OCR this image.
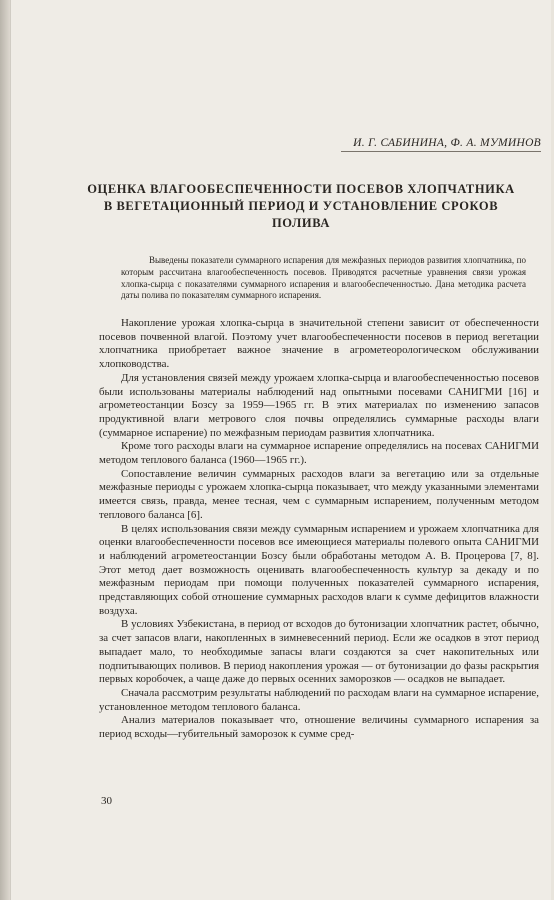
И. Г. САБИНИНА, Ф. А. МУМИНОВ
ОЦЕНКА ВЛАГООБЕСПЕЧЕННОСТИ ПОСЕВОВ ХЛОПЧАТНИКА
В ВЕГЕТАЦИОННЫЙ ПЕРИОД И УСТАНОВЛЕНИЕ СРОКОВ
ПОЛИВА

Выведены показатели суммарного испарения для межфазных периодов развития хлопчатника, по которым рассчитана влагообеспеченность посевов. Приводятся расчетные уравнения связи урожая хлопка-сырца с показателями суммарного испарения и влагообеспеченностью. Дана методика расчета даты полива по показателям суммарного испарения.

Накопление урожая хлопка-сырца в значительной степени зависит от обеспеченности посевов почвенной влагой. Поэтому учет влагообеспеченности посевов в период вегетации хлопчатника приобретает важное значение в агрометеорологическом обслуживании хлопководства.

Для установления связей между урожаем хлопка-сырца и влагообеспеченностью посевов были использованы материалы наблюдений над опытными посевами САНИГМИ [16] и агрометеостанции Бозсу за 1959—1965 гг. В этих материалах по изменению запасов продуктивной влаги метрового слоя почвы определялись суммарные расходы влаги (суммарное испарение) по межфазным периодам развития хлопчатника.

Кроме того расходы влаги на суммарное испарение определялись на посевах САНИГМИ методом теплового баланса (1960—1965 гг.).

Сопоставление величин суммарных расходов влаги за вегетацию или за отдельные межфазные периоды с урожаем хлопка-сырца показывает, что между указанными элементами имеется связь, правда, менее тесная, чем с суммарным испарением, полученным методом теплового баланса [6].

В целях использования связи между суммарным испарением и урожаем хлопчатника для оценки влагообеспеченности посевов все имеющиеся материалы полевого опыта САНИГМИ и наблюдений агрометеостанции Бозсу были обработаны методом А. В. Процерова [7, 8]. Этот метод дает возможность оценивать влагообеспеченность культур за декаду и по межфазным периодам при помощи полученных показателей суммарного испарения, представляющих собой отношение суммарных расходов влаги к сумме дефицитов влажности воздуха.

В условиях Узбекистана, в период от всходов до бутонизации хлопчатник растет, обычно, за счет запасов влаги, накопленных в зимневесенний период. Если же осадков в этот период выпадает мало, то необходимые запасы влаги создаются за счет накопительных или подпитывающих поливов. В период накопления урожая — от бутонизации до фазы раскрытия первых коробочек, а чаще даже до первых осенних заморозков — осадков не выпадает.

Сначала рассмотрим результаты наблюдений по расходам влаги на суммарное испарение, установленное методом теплового баланса.

Анализ материалов показывает что, отношение величины суммарного испарения за период всходы—губительный заморозок к сумме сред-

30
